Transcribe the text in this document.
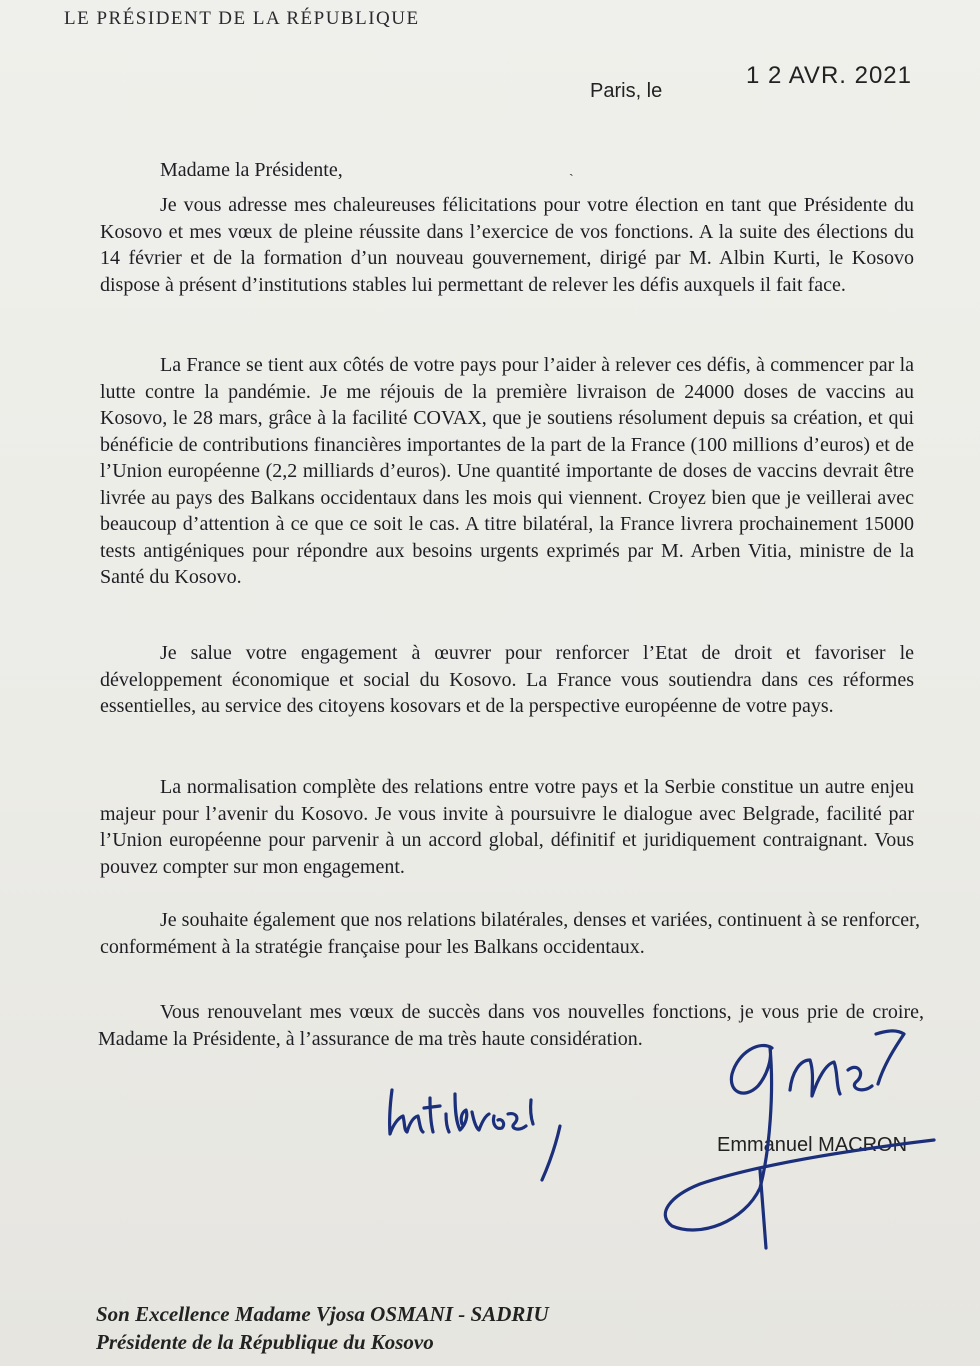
LE PRÉSIDENT DE LA RÉPUBLIQUE
Paris, le
1 2 AVR. 2021
Madame la Présidente,	ˎ

Je vous adresse mes chaleureuses félicitations pour votre élection en tant que Présidente du Kosovo et mes vœux de pleine réussite dans l’exercice de vos fonctions. A la suite des élections du 14 février et de la formation d’un nouveau gouvernement, dirigé par M. Albin Kurti, le Kosovo dispose à présent d’institutions stables lui permettant de relever les défis auxquels il fait face.

La France se tient aux côtés de votre pays pour l’aider à relever ces défis, à commencer par la lutte contre la pandémie. Je me réjouis de la première livraison de 24000 doses de vaccins au Kosovo, le 28 mars, grâce à la facilité COVAX, que je soutiens résolument depuis sa création, et qui bénéficie de contributions financières importantes de la part de la France (100 millions d’euros) et de l’Union européenne (2,2 milliards d’euros). Une quantité importante de doses de vaccins devrait être livrée au pays des Balkans occidentaux dans les mois qui viennent. Croyez bien que je veillerai avec beaucoup d’attention à ce que ce soit le cas. A titre bilatéral, la France livrera prochainement 15000 tests antigéniques pour répondre aux besoins urgents exprimés par M. Arben Vitia, ministre de la Santé du Kosovo.

Je salue votre engagement à œuvrer pour renforcer l’Etat de droit et favoriser le développement économique et social du Kosovo. La France vous soutiendra dans ces réformes essentielles, au service des citoyens kosovars et de la perspective européenne de votre pays.

La normalisation complète des relations entre votre pays et la Serbie constitue un autre enjeu majeur pour l’avenir du Kosovo. Je vous invite à poursuivre le dialogue avec Belgrade, facilité par l’Union européenne pour parvenir à un accord global, définitif et juridiquement contraignant. Vous pouvez compter sur mon engagement.

Je souhaite également que nos relations bilatérales, denses et variées, continuent à se renforcer, conformément à la stratégie française pour les Balkans occidentaux.

Vous renouvelant mes vœux de succès dans vos nouvelles fonctions, je vous prie de croire, Madame la Présidente, à l’assurance de ma très haute considération.

Emmanuel MACRON
Son Excellence Madame Vjosa OSMANI - SADRIU
Présidente de la République du Kosovo
